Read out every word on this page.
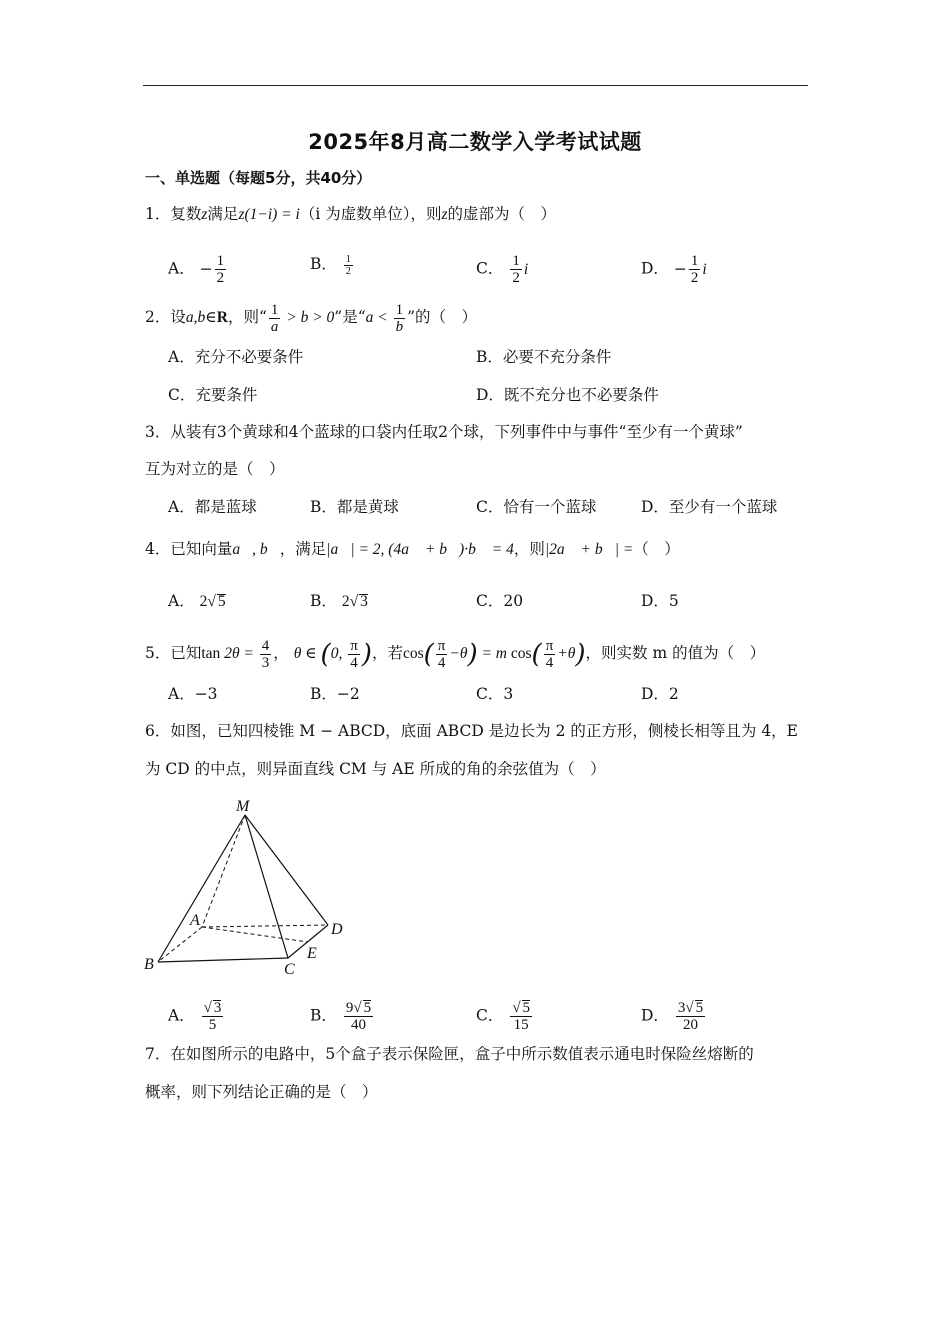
2025年8月高二数学入学考试试题
一、单选题（每题5分，共40分）
1．复数z满足z(1−i) = i（i 为虚数单位），则z的虚部为（　）
A． − $\frac{1}{2}$	B． $\frac{1}{2}$	C． $\frac{1}{2}$ i	D． − $\frac{1}{2}$ i
2．设a,b∈R，则“ $\frac{1}{a} > b > 0$”是“$a < \frac{1}{b}$ ”的（　）
A．充分不必要条件	B．必要不充分条件
C．充要条件	D．既不充分也不必要条件
3．从装有3个黄球和4个蓝球的口袋内任取2个球，下列事件中与事件“至少有一个黄球”
互为对立的是（　）
A．都是蓝球	B．都是黄球	C．恰有一个蓝球	D．至少有一个蓝球
4．已知向量a⃗, b⃗，满足|a⃗| = 2, (4a⃗ + b⃗)·b⃗ = 4，则|2a⃗ + b⃗| =（　）
A． 2√ 5	B． 2√ 3	C．20	D．5
5．已知$\tan 2\theta = \frac{4}{3}$ ， θ ∈ (0, $\frac{\pi}{4}$ )，若$\cos( \frac{\pi}{4} -\theta) = m$ $\cos( \frac{\pi}{4} +\theta)$，则实数 m 的值为（　）
A．−3	B．−2	C．3	D．2
6．如图，已知四棱锥 M − ABCD，底面 ABCD 是边长为 2 的正方形，侧棱长相等且为 4，E
为 CD 的中点，则异面直线 CM 与 AE 所成的角的余弦值为（　）
M
A
D
B	C
E
A． $\frac{√ 3}{5}$	B． $\frac{9√ 5}{40}$	C． $\frac{√ 5}{15}$	D． $\frac{3√ 5}{20}$
7．在如图所示的电路中，5个盒子表示保险匣，盒子中所示数值表示通电时保险丝熔断的
概率，则下列结论正确的是（　）
